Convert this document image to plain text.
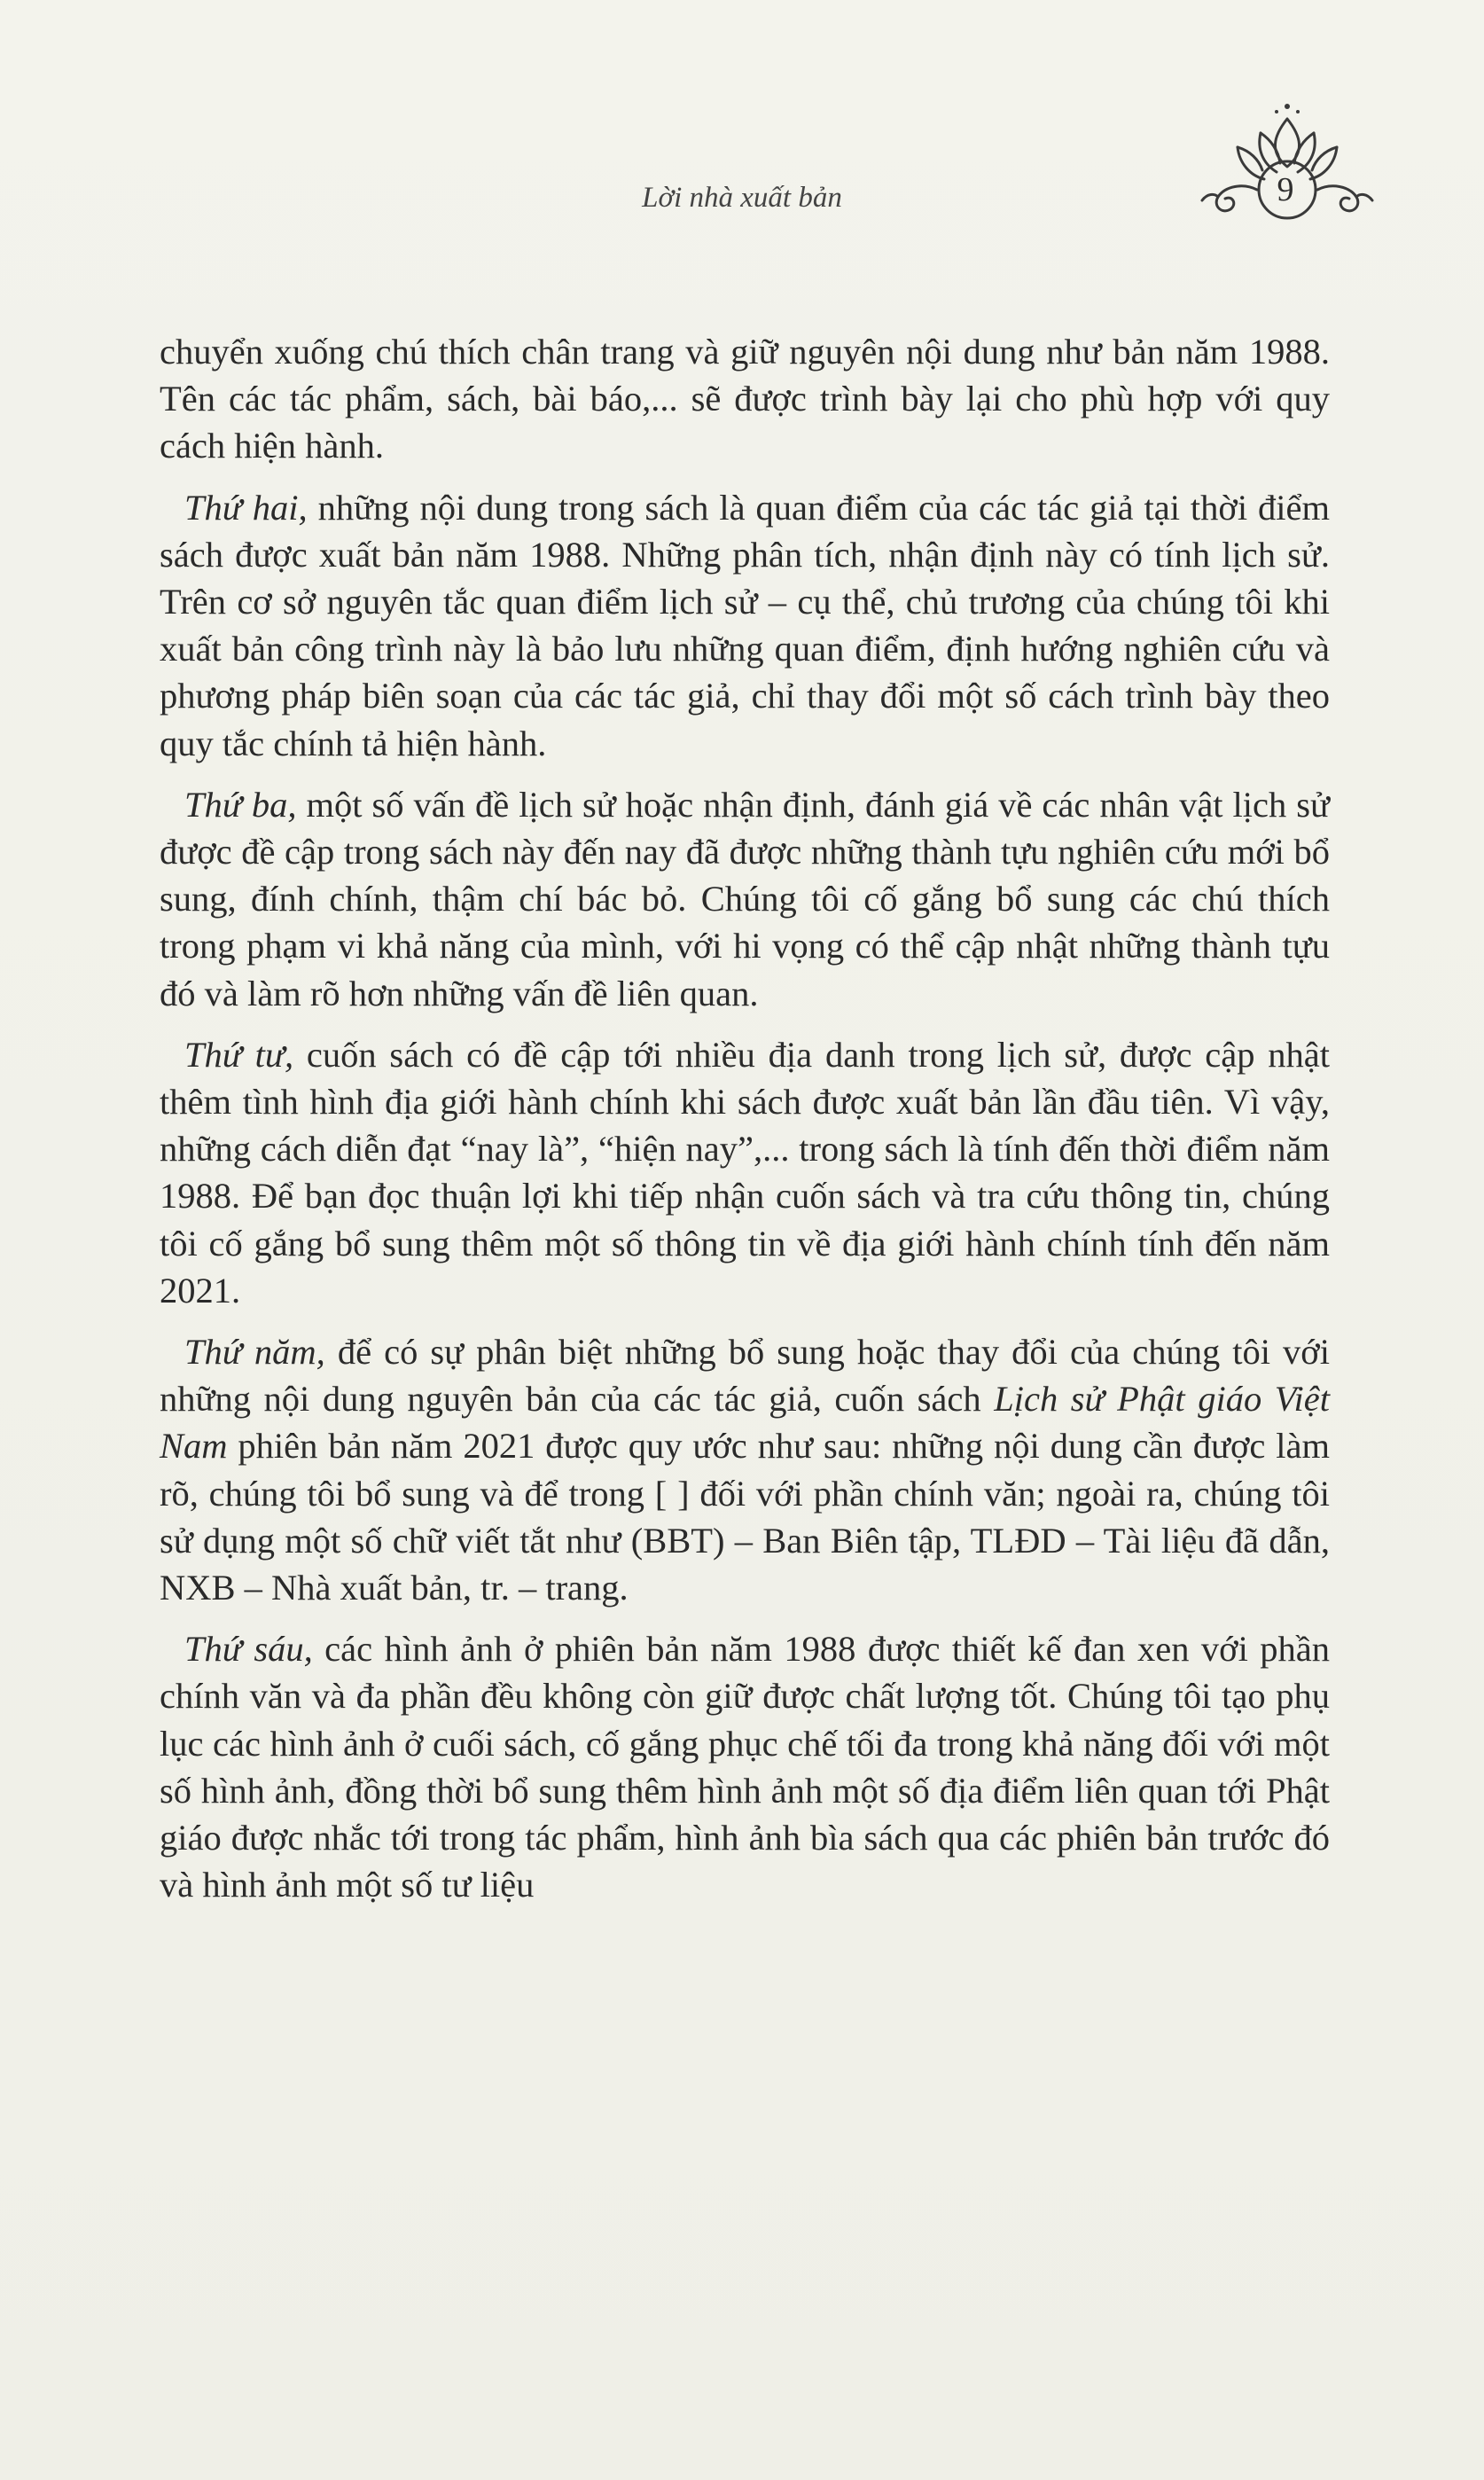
Lời nhà xuất bản	9

chuyển xuống chú thích chân trang và giữ nguyên nội dung như bản năm 1988. Tên các tác phẩm, sách, bài báo,... sẽ được trình bày lại cho phù hợp với quy cách hiện hành.

Thứ hai, những nội dung trong sách là quan điểm của các tác giả tại thời điểm sách được xuất bản năm 1988. Những phân tích, nhận định này có tính lịch sử. Trên cơ sở nguyên tắc quan điểm lịch sử – cụ thể, chủ trương của chúng tôi khi xuất bản công trình này là bảo lưu những quan điểm, định hướng nghiên cứu và phương pháp biên soạn của các tác giả, chỉ thay đổi một số cách trình bày theo quy tắc chính tả hiện hành.

Thứ ba, một số vấn đề lịch sử hoặc nhận định, đánh giá về các nhân vật lịch sử được đề cập trong sách này đến nay đã được những thành tựu nghiên cứu mới bổ sung, đính chính, thậm chí bác bỏ. Chúng tôi cố gắng bổ sung các chú thích trong phạm vi khả năng của mình, với hi vọng có thể cập nhật những thành tựu đó và làm rõ hơn những vấn đề liên quan.

Thứ tư, cuốn sách có đề cập tới nhiều địa danh trong lịch sử, được cập nhật thêm tình hình địa giới hành chính khi sách được xuất bản lần đầu tiên. Vì vậy, những cách diễn đạt “nay là”, “hiện nay”,... trong sách là tính đến thời điểm năm 1988. Để bạn đọc thuận lợi khi tiếp nhận cuốn sách và tra cứu thông tin, chúng tôi cố gắng bổ sung thêm một số thông tin về địa giới hành chính tính đến năm 2021.

Thứ năm, để có sự phân biệt những bổ sung hoặc thay đổi của chúng tôi với những nội dung nguyên bản của các tác giả, cuốn sách Lịch sử Phật giáo Việt Nam phiên bản năm 2021 được quy ước như sau: những nội dung cần được làm rõ, chúng tôi bổ sung và để trong [ ] đối với phần chính văn; ngoài ra, chúng tôi sử dụng một số chữ viết tắt như (BBT) – Ban Biên tập, TLĐD – Tài liệu đã dẫn, NXB – Nhà xuất bản, tr. – trang.

Thứ sáu, các hình ảnh ở phiên bản năm 1988 được thiết kế đan xen với phần chính văn và đa phần đều không còn giữ được chất lượng tốt. Chúng tôi tạo phụ lục các hình ảnh ở cuối sách, cố gắng phục chế tối đa trong khả năng đối với một số hình ảnh, đồng thời bổ sung thêm hình ảnh một số địa điểm liên quan tới Phật giáo được nhắc tới trong tác phẩm, hình ảnh bìa sách qua các phiên bản trước đó và hình ảnh một số tư liệu
